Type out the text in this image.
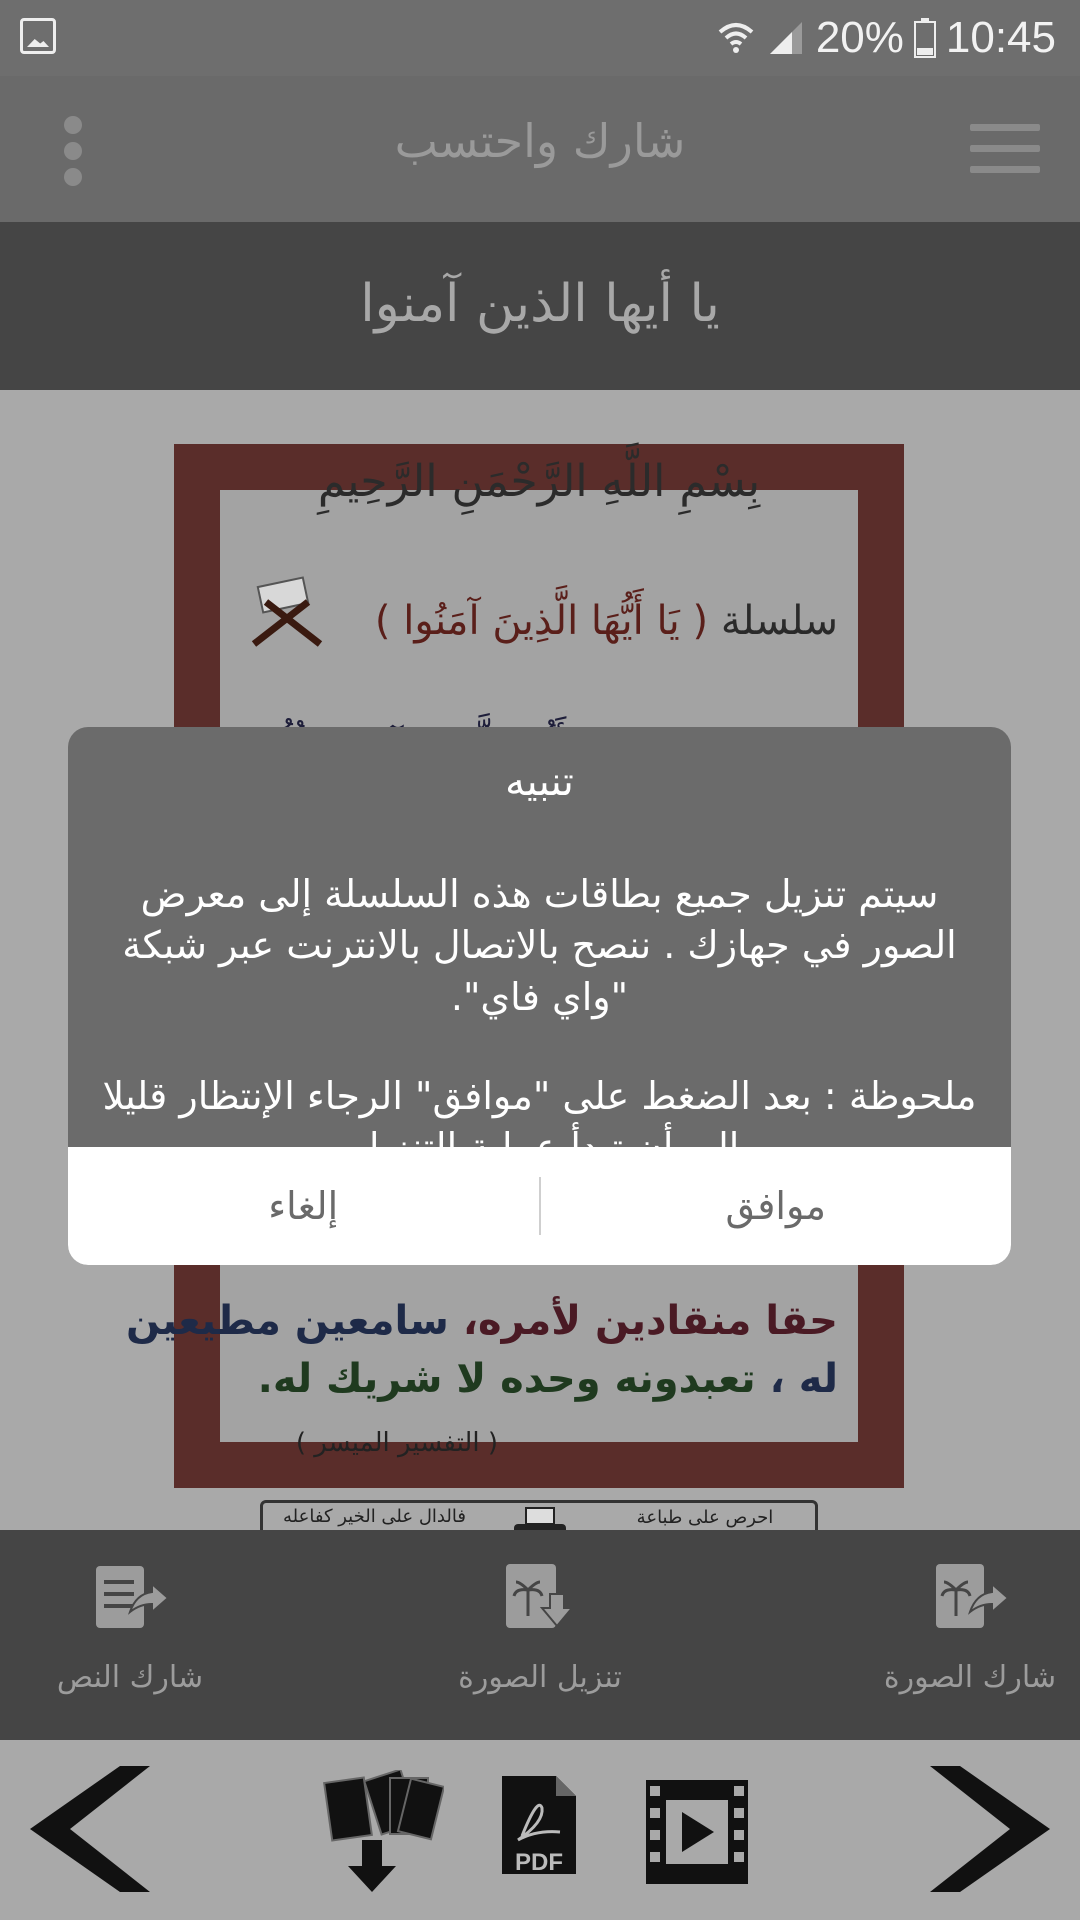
20% 10:45
شارك واحتسب
يا أيها الذين آمنوا
بِسْمِ اللَّهِ الرَّحْمَنِ الرَّحِيمِ
سلسلة ( يَا أَيُّهَا الَّذِينَ آمَنُوا )
حقا منقادين لأمره، سامعين مطيعين
له ، تعبدونه وحده لا شريك له.
( التفسير الميسر )
فالدال على الخير كفاعله	احرص على طباعة
تنبيه

سيتم تنزيل جميع بطاقات هذه السلسلة إلى معرض الصور في جهازك . ننصح بالاتصال بالانترنت عبر شبكة "واي فاي".

ملحوظة : بعد الضغط على "موافق" الرجاء الإنتظار قليلا

إلغاء	موافق
شارك النص	تنزيل الصورة	شارك الصورة
PDF
